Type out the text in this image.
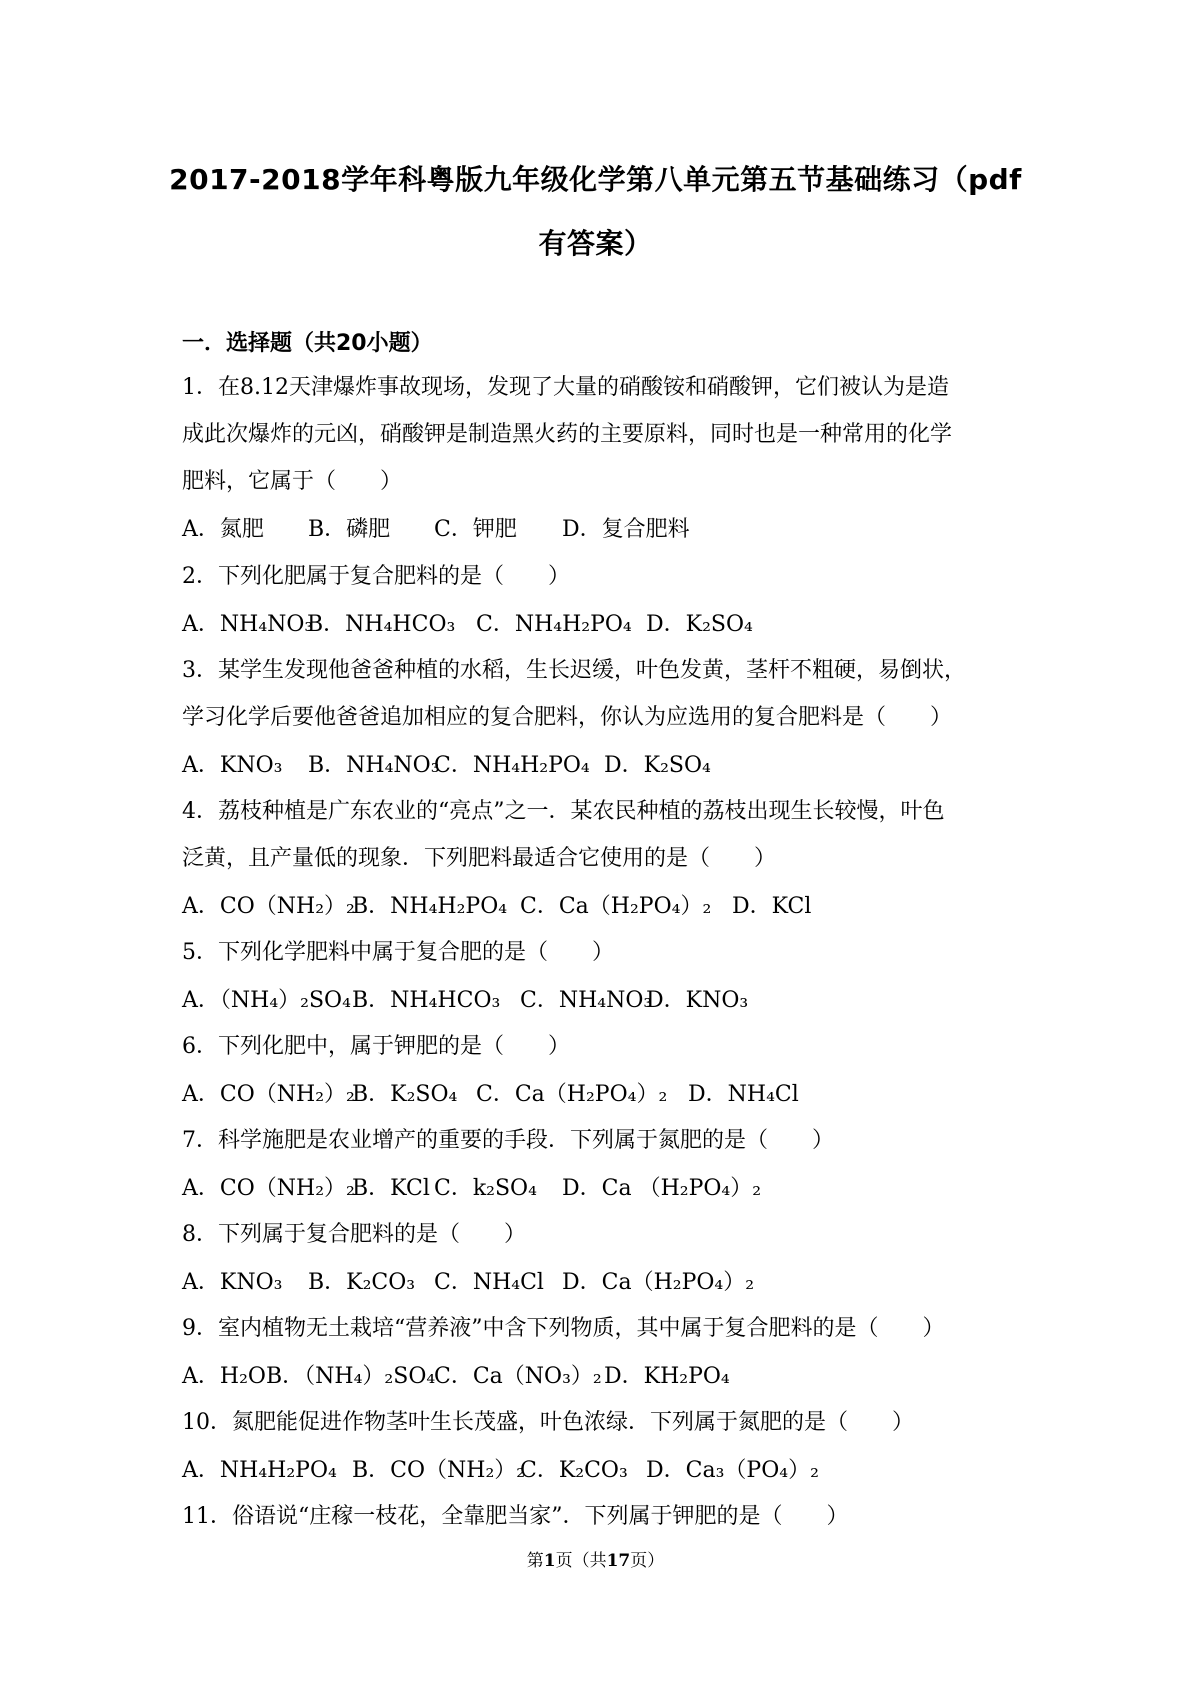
2017-2018学年科粤版九年级化学第八单元第五节基础练习（pdf
有答案）
一．选择题（共20小题）
1．在8.12天津爆炸事故现场，发现了大量的硝酸铵和硝酸钾，它们被认为是造
成此次爆炸的元凶，硝酸钾是制造黑火药的主要原料，同时也是一种常用的化学
肥料，它属于（　　）
A．氮肥 B．磷肥 C．钾肥 D．复合肥料
2．下列化肥属于复合肥料的是（　　）
A．NH₄NO₃
B．NH₄HCO₃ C．NH₄H₂PO₄ D．K₂SO₄
3．某学生发现他爸爸种植的水稻，生长迟缓，叶色发黄，茎杆不粗硬，易倒状，
学习化学后要他爸爸追加相应的复合肥料，你认为应选用的复合肥料是（　　）
A．KNO₃ B．NH₄NO₃
C．NH₄H₂PO₄ D．K₂SO₄
4．荔枝种植是广东农业的“亮点”之一．某农民种植的荔枝出现生长较慢，叶色
泛黄，且产量低的现象．下列肥料最适合它使用的是（　　）
A．CO（NH₂）₂
B．NH₄H₂PO₄ C．Ca（H₂PO₄）₂ D．KCl
5．下列化学肥料中属于复合肥的是（　　）
A．（NH₄）₂SO₄ B．NH₄HCO₃ C．NH₄NO₃
D．KNO₃
6．下列化肥中，属于钾肥的是（　　）
A．CO（NH₂）₂
B．K₂SO₄ C．Ca（H₂PO₄）₂ D．NH₄Cl
7．科学施肥是农业增产的重要的手段．下列属于氮肥的是（　　）
A．CO（NH₂）₂
B．KCl C．k₂SO₄ D．Ca （H₂PO₄）₂
8．下列属于复合肥料的是（　　）
A．KNO₃ B．K₂CO₃ C．NH₄Cl D．Ca（H₂PO₄）₂
9．室内植物无土栽培“营养液”中含下列物质，其中属于复合肥料的是（　　）
A．H₂O B．（NH₄）₂SO₄
C．Ca（NO₃）₂ D．KH₂PO₄
10．氮肥能促进作物茎叶生长茂盛，叶色浓绿．下列属于氮肥的是（　　）
A．NH₄H₂PO₄ B．CO（NH₂）₂
C．K₂CO₃ D．Ca₃（PO₄）₂
11．俗语说“庄稼一枝花，全靠肥当家”．下列属于钾肥的是（　　）
第1页（共17页）
